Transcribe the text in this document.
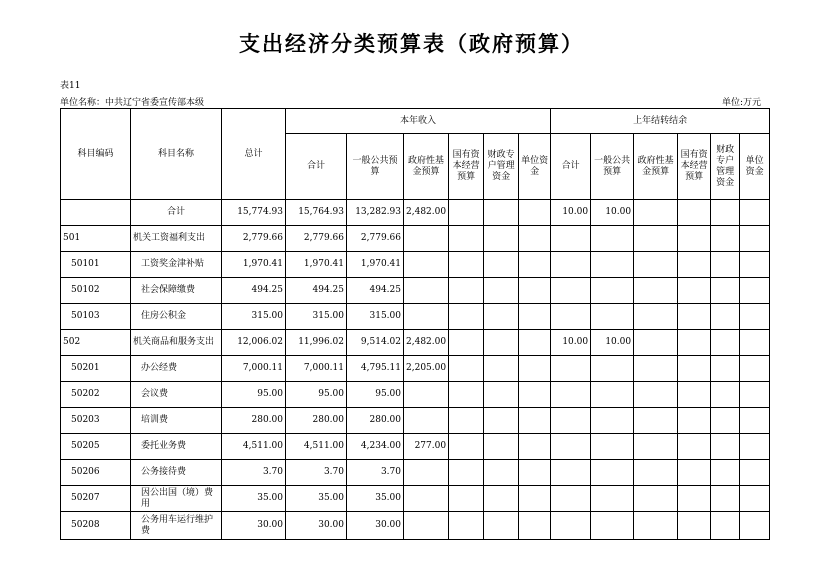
支出经济分类预算表（政府预算）
表11
单位名称：中共辽宁省委宣传部本级	单位:万元
科目编码	科目名称	总计	本年收入						上年结转结余					
			合计	一般公共预算	政府性基金预算	国有资本经营预算	财政专户管理资金	单位资金	合计	一般公共预算	政府性基金预算	国有资本经营预算	财政专户管理资金	单位资金
	合计	15,774.93	15,764.93	13,282.93	2,482.00				10.00	10.00				
501	机关工资福利支出	2,779.66	2,779.66	2,779.66										
50101	工资奖金津补贴	1,970.41	1,970.41	1,970.41										
50102	社会保障缴费	494.25	494.25	494.25										
50103	住房公积金	315.00	315.00	315.00										
502	机关商品和服务支出	12,006.02	11,996.02	9,514.02	2,482.00				10.00	10.00				
50201	办公经费	7,000.11	7,000.11	4,795.11	2,205.00									
50202	会议费	95.00	95.00	95.00										
50203	培训费	280.00	280.00	280.00										
50205	委托业务费	4,511.00	4,511.00	4,234.00	277.00									
50206	公务接待费	3.70	3.70	3.70										
50207	因公出国（境）费用	35.00	35.00	35.00										
50208	公务用车运行维护费	30.00	30.00	30.00										
